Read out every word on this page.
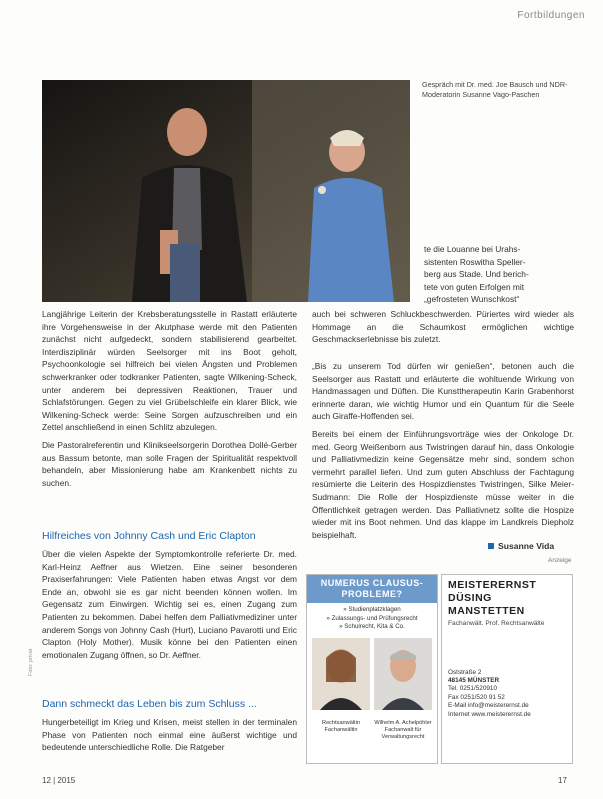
Fortbildungen
Gespräch mit Dr. med. Joe Bausch und NDR-Moderatorin Susanne Vago-Paschen
te die Louanne bei Urahs-
sistenten Roswitha Speller-
berg aus Stade. Und berich-
tete von guten Erfolgen mit
„gefrosteten Wunschkost“
auch bei schweren Schluckbeschwerden. Püriertes wird wieder als Hommage an die Schaumkost ermöglichen wichtige Geschmackserlebnisse bis zuletzt.

Langjährige Leiterin der Krebsberatungsstelle in Rastatt erläuterte ihre Vorgehensweise in der Akutphase werde mit den Patienten zunächst nicht aufgedeckt, sondern stabilisierend gearbeitet. Interdisziplinär würden Seelsorger mit ins Boot geholt, Psychoonkologie sei hilfreich bei vielen Ängsten und Problemen schwerkranker oder todkranker Patienten, sagte Wilkening-Scheck, unter anderem bei depressiven Reaktionen, Trauer und Schlafstörungen. Gegen zu viel Grübelschleife ein klarer Blick, wie Wilkening-Scheck werde: Seine Sorgen aufzuschreiben und ein Zettel anschließend in einen Schlitz abzulegen.

Die Pastoralreferentin und Klinikseelsorgerin Dorothea Dollé-Gerber aus Bassum betonte, man solle Fragen der Spiritualität respektvoll behandeln, aber Missionierung habe am Krankenbett nichts zu suchen.

Hilfreiches von Johnny Cash und Eric Clapton
Über die vielen Aspekte der Symptomkontrolle referierte Dr. med. Karl-Heinz Aeffner aus Wietzen. Eine seiner besonderen Praxiserfahrungen: Viele Patienten haben etwas Angst vor dem Ende an, obwohl sie es gar nicht beenden können wollen. Im Gegensatz zum Einwirgen. Wichtig sei es, einen Zugang zum Patienten zu bekommen. Dabei helfen dem Palliativmediziner unter anderem Songs von Johnny Cash (Hurt), Luciano Pavarotti und Eric Clapton (Holy Mother). Musik könne bei den Patienten einen emotionalen Zugang öffnen, so Dr. Aeffner.
Dann schmeckt das Leben bis zum Schluss ...
Hungerbeteiligt im Krieg und Krisen, meist stellen in der terminalen Phase von Patienten noch einmal eine äußerst wichtige und bedeutende unterschiedliche Rolle. Die Ratgeber

„Bis zu unserem Tod dürfen wir genießen“, betonen auch die Seelsorger aus Rastatt und erläuterte die wohltuende Wirkung von Handmassagen und Düften. Die Kunsttherapeutin Karin Grabenhorst erinnerte daran, wie wichtig Humor und ein Quantum für die Seele auch Giraffe-Hoffenden sei.

Bereits bei einem der Einführungsvorträge wies der Onkologe Dr. med. Georg Weißenborn aus Twistringen darauf hin, dass Onkologie und Palliativmedizin keine Gegensätze mehr sind, sondern schon vermehrt parallel liefen. Und zum guten Abschluss der Fachtagung resümierte die Leiterin des Hospizdienstes Twistringen, Silke Meier-Sudmann: Die Rolle der Hospizdienste müsse weiter in die Öffentlichkeit getragen werden. Das Palliativnetz sollte die Hospize wieder mit ins Boot nehmen. Und das klappe im Landkreis Diepholz beispielhaft.

Susanne Vida
Anzeige
NUMERUS CLAUSUS-
PROBLEME?
» Studienplatzklagen
» Zulassungs- und Prüfungsrecht
» Schulrecht, Kita & Co.
Rechtsanwältin
Fachanwältin
Wilhelm A. Achelpöhler
Fachanwalt für Verwaltungsrecht
MEISTERERNST
DÜSING
MANSTETTEN
Fachanwält. Prof. Rechtsanwälte
Oststraße 2
48145 MÜNSTER
Tel. 0251/520910
Fax 0251/520 91 52
E-Mail info@meisterernst.de
Internet www.meisterernst.de
Foto: privat
12 | 2015	17
